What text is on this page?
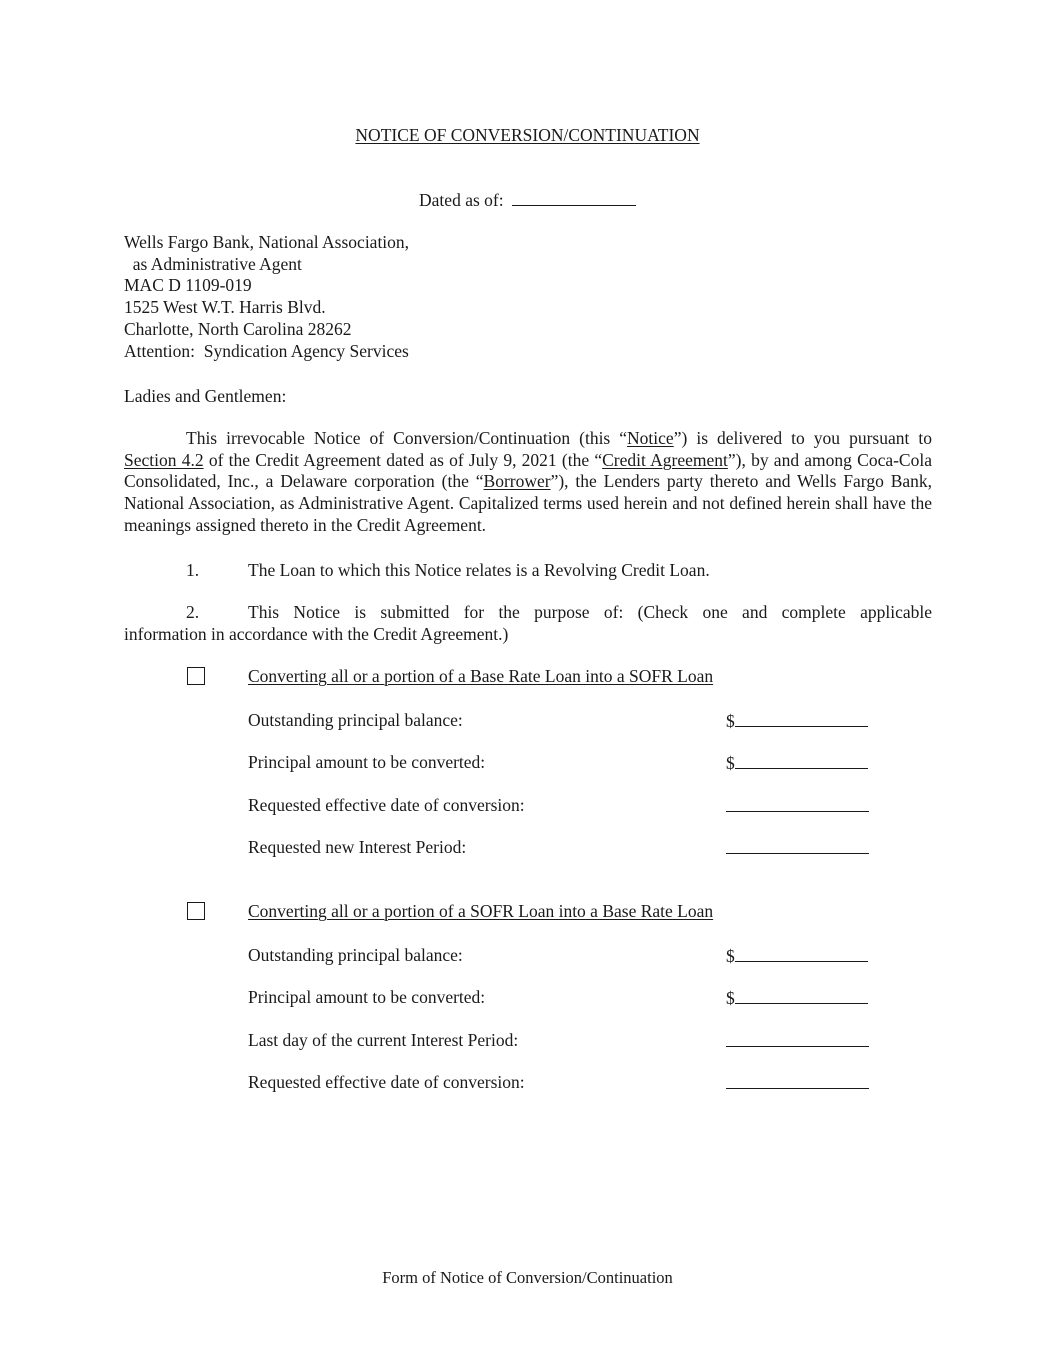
NOTICE OF CONVERSION/CONTINUATION
Dated as of:
Wells Fargo Bank, National Association,
as Administrative Agent
MAC D 1109-019
1525 West W.T. Harris Blvd.
Charlotte, North Carolina 28262
Attention:  Syndication Agency Services
Ladies and Gentlemen:
This irrevocable Notice of Conversion/Continuation (this “Notice”) is delivered to you pursuant to Section 4.2 of the Credit Agreement dated as of July 9, 2021 (the “Credit Agreement”), by and among Coca-Cola Consolidated, Inc., a Delaware corporation (the “Borrower”), the Lenders party thereto and Wells Fargo Bank, National Association, as Administrative Agent. Capitalized terms used herein and not defined herein shall have the meanings assigned thereto in the Credit Agreement.
1.	The Loan to which this Notice relates is a Revolving Credit Loan.
2.	This Notice is submitted for the purpose of: (Check one and complete applicable
information in accordance with the Credit Agreement.)
Converting all or a portion of a Base Rate Loan into a SOFR Loan
Outstanding principal balance:	$
Principal amount to be converted:	$
Requested effective date of conversion:
Requested new Interest Period:
Converting all or a portion of a SOFR Loan into a Base Rate Loan
Outstanding principal balance:	$
Principal amount to be converted:	$
Last day of the current Interest Period:
Requested effective date of conversion:
Form of Notice of Conversion/Continuation
